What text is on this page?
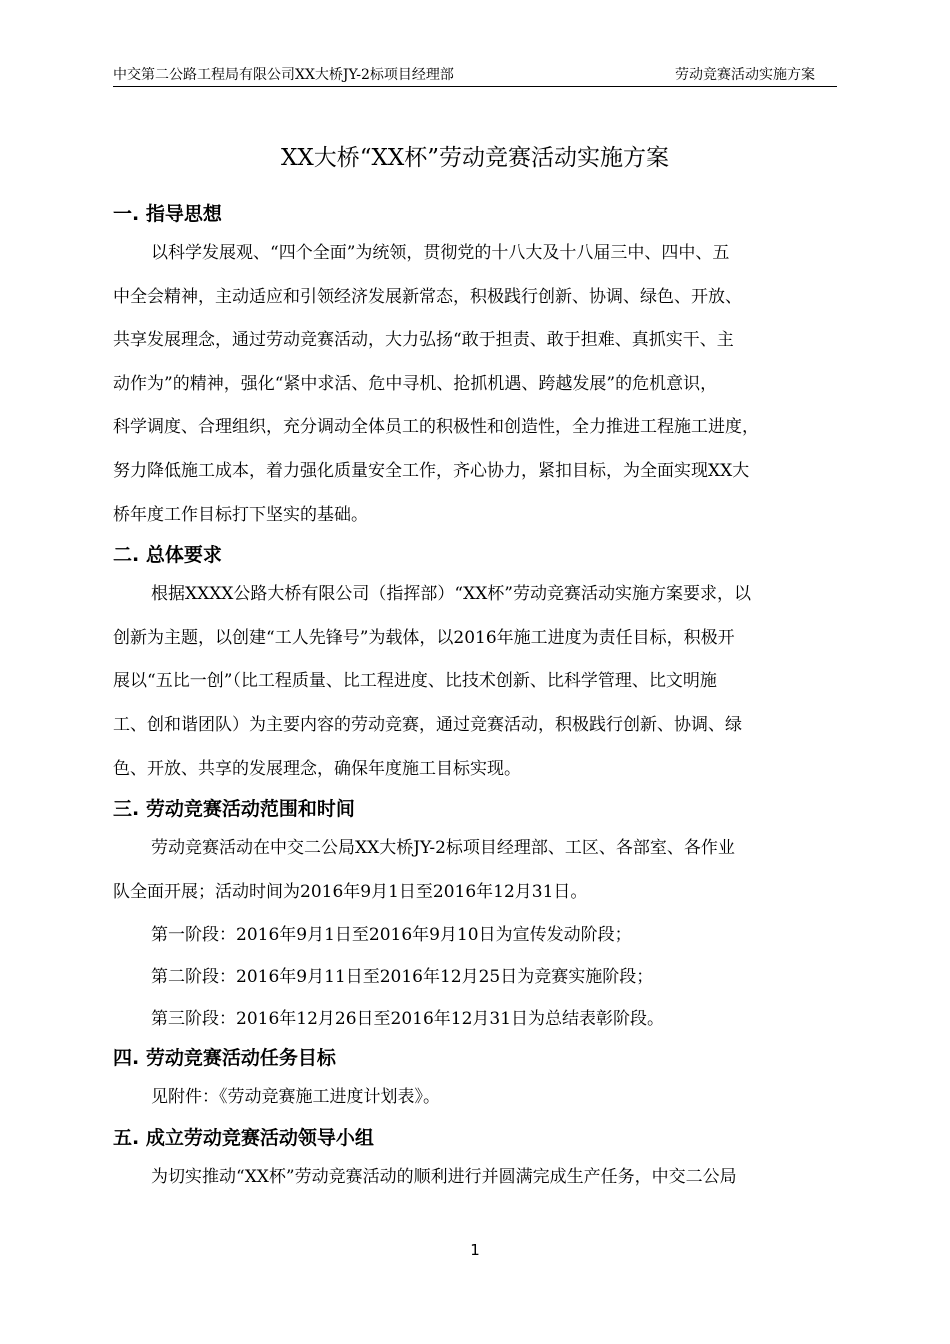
中交第二公路工程局有限公司XX大桥JY-2标项目经理部	劳动竞赛活动实施方案
XX大桥“XX杯”劳动竞赛活动实施方案
一. 指导思想
以科学发展观、“四个全面”为统领，贯彻党的十八大及十八届三中、四中、五
中全会精神，主动适应和引领经济发展新常态，积极践行创新、协调、绿色、开放、
共享发展理念，通过劳动竞赛活动，大力弘扬“敢于担责、敢于担难、真抓实干、主
动作为”的精神，强化“紧中求活、危中寻机、抢抓机遇、跨越发展”的危机意识，
科学调度、合理组织，充分调动全体员工的积极性和创造性，全力推进工程施工进度，
努力降低施工成本，着力强化质量安全工作，齐心协力，紧扣目标，为全面实现XX大
桥年度工作目标打下坚实的基础。
二. 总体要求
根据XXXX公路大桥有限公司（指挥部）“XX杯”劳动竞赛活动实施方案要求，以
创新为主题，以创建“工人先锋号”为载体，以2016年施工进度为责任目标，积极开
展以“五比一创”（比工程质量、比工程进度、比技术创新、比科学管理、比文明施
工、创和谐团队）为主要内容的劳动竞赛，通过竞赛活动，积极践行创新、协调、绿
色、开放、共享的发展理念，确保年度施工目标实现。
三. 劳动竞赛活动范围和时间
劳动竞赛活动在中交二公局XX大桥JY-2标项目经理部、工区、各部室、各作业
队全面开展；活动时间为2016年9月1日至2016年12月31日。
第一阶段：2016年9月1日至2016年9月10日为宣传发动阶段；
第二阶段：2016年9月11日至2016年12月25日为竞赛实施阶段；
第三阶段：2016年12月26日至2016年12月31日为总结表彰阶段。
四. 劳动竞赛活动任务目标
见附件：《劳动竞赛施工进度计划表》。
五. 成立劳动竞赛活动领导小组
为切实推动“XX杯”劳动竞赛活动的顺利进行并圆满完成生产任务，中交二公局
1
